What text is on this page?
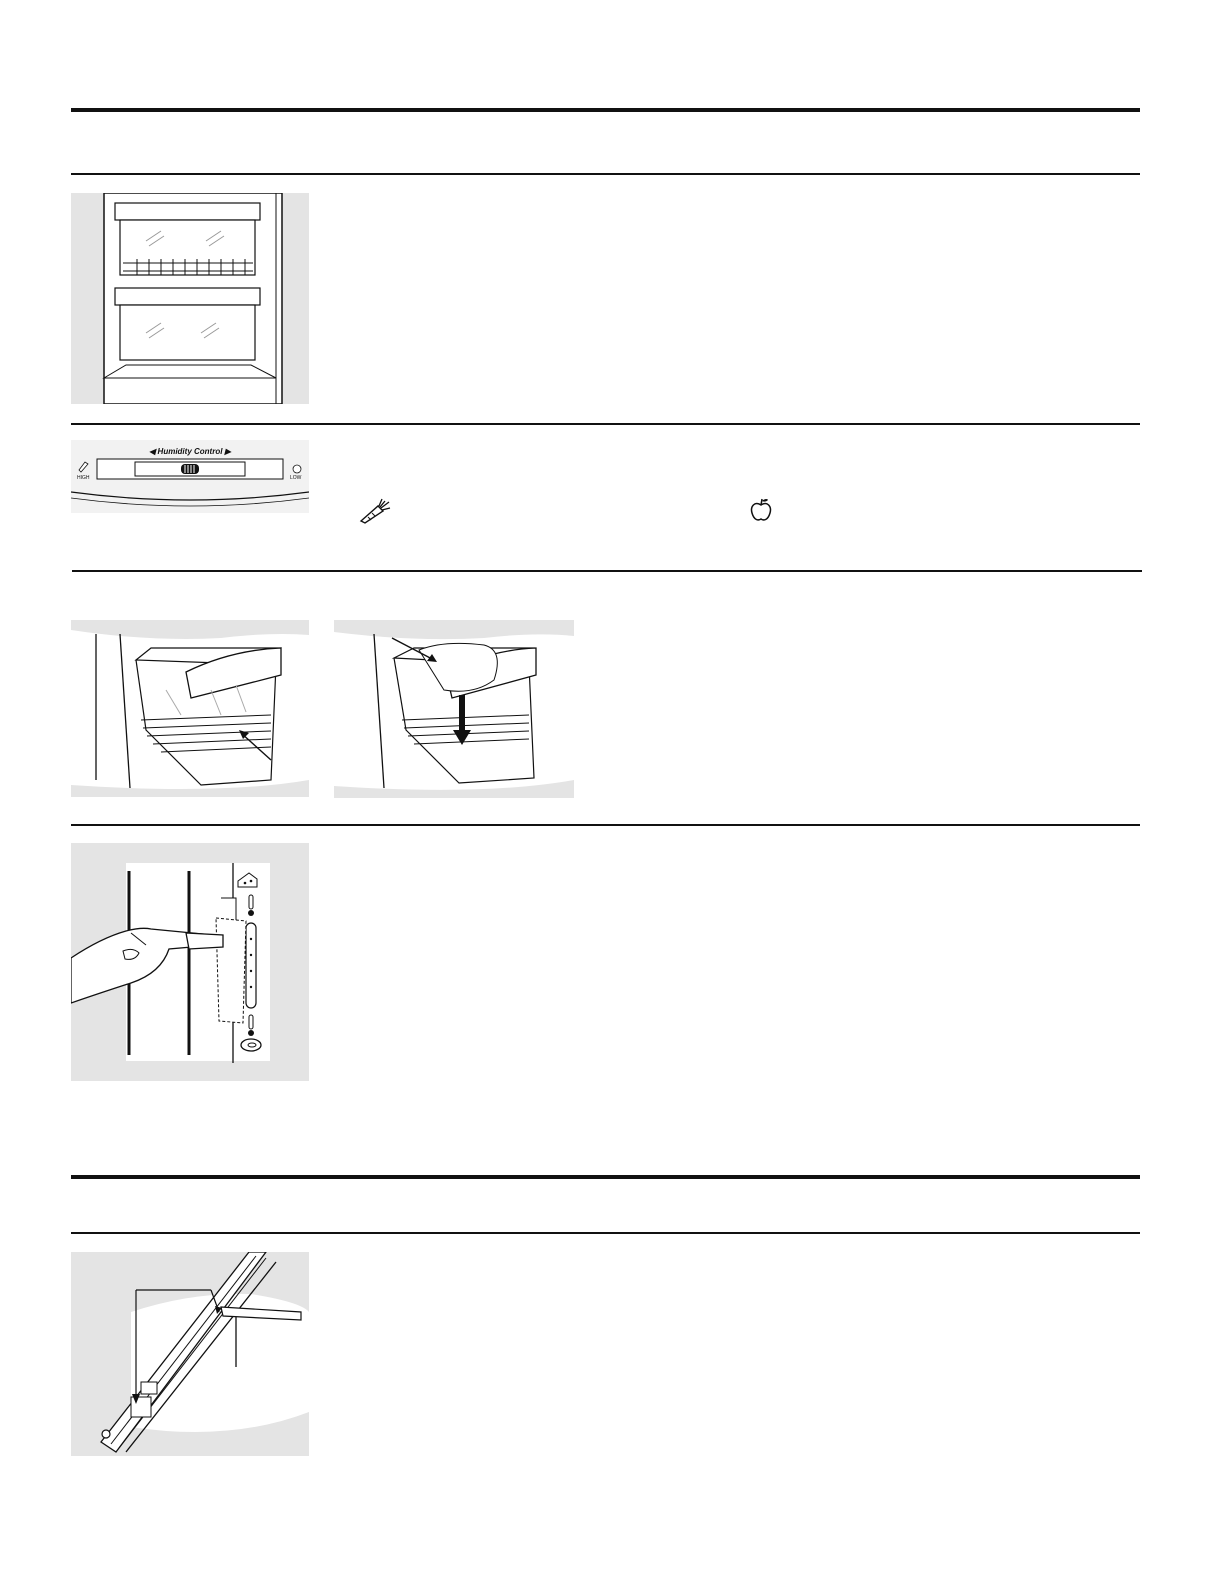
◀ Humidity Control ▶
HIGH	LOW
